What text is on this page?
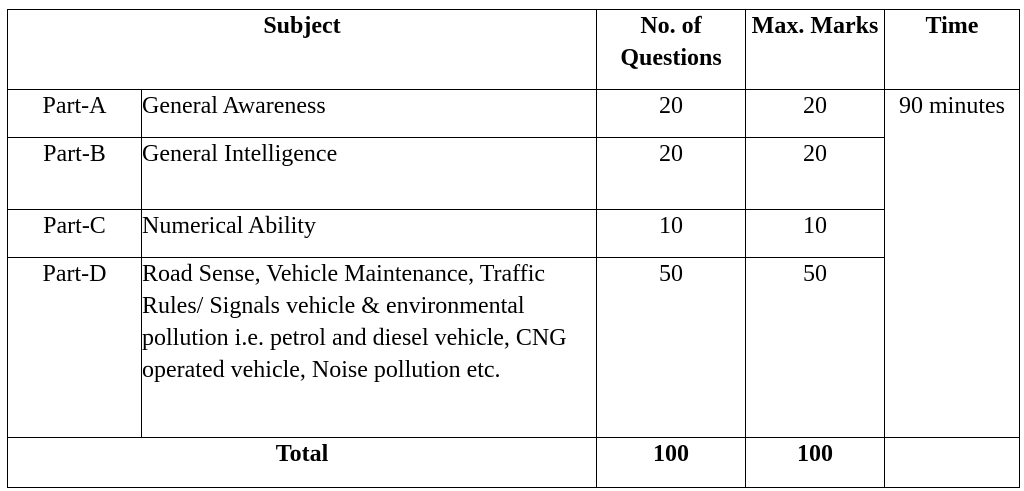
Subject		No. of Questions	Max. Marks	Time
Part-A	General Awareness	20	20	90 minutes
Part-B	General Intelligence	20	20	
Part-C	Numerical Ability	10	10	
Part-D	Road Sense, Vehicle Maintenance, Traffic Rules/ Signals vehicle & environmental pollution i.e. petrol and diesel vehicle, CNG operated vehicle, Noise pollution etc.	50	50	
Total		100	100	
